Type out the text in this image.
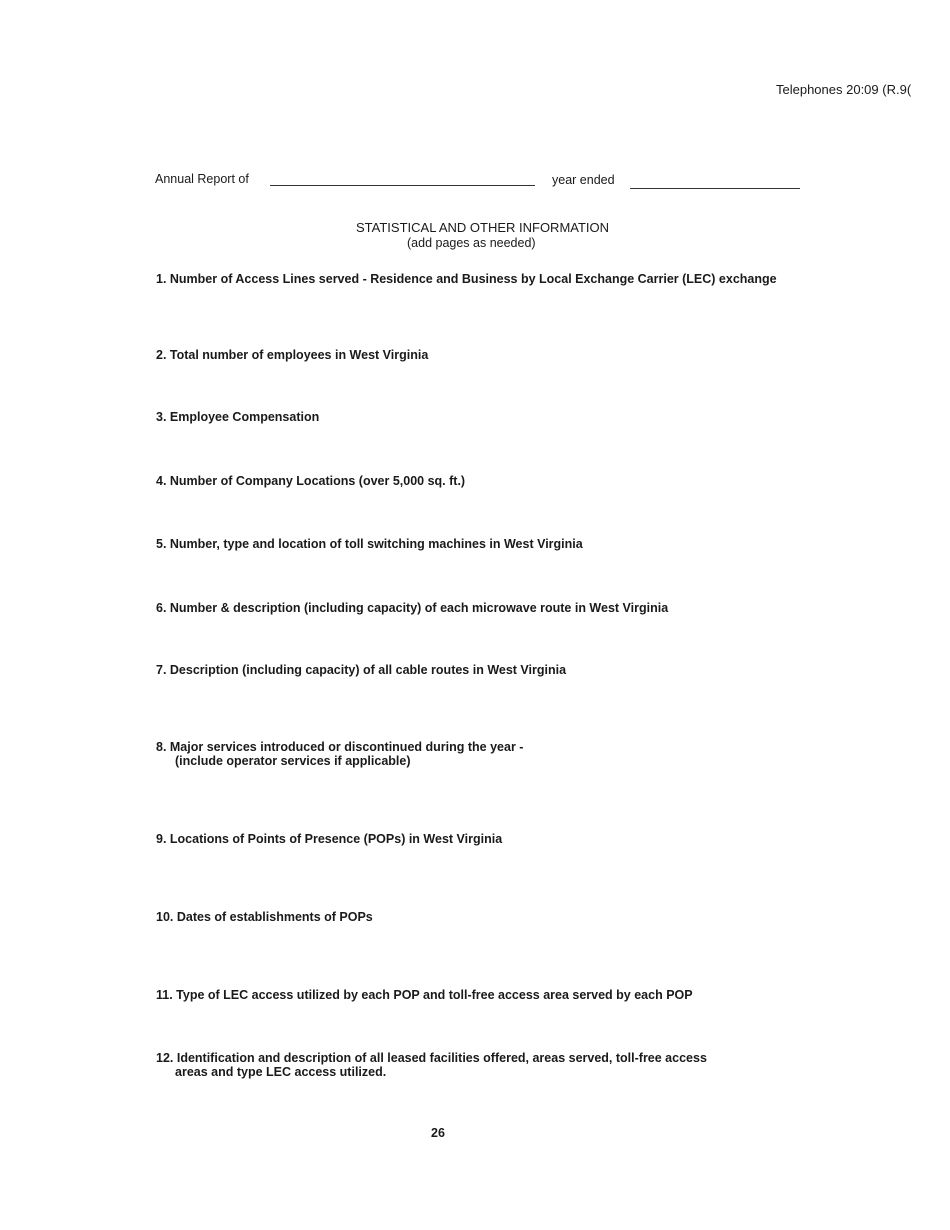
Telephones 20:09 (R.9(
Annual Report of	year ended
STATISTICAL AND OTHER INFORMATION
(add pages as needed)
1. Number of Access Lines served - Residence and Business by Local Exchange Carrier (LEC) exchange
2. Total number of employees in West Virginia
3. Employee Compensation
4. Number of Company Locations (over 5,000 sq. ft.)
5. Number, type and location of toll switching machines in West Virginia
6. Number & description (including capacity) of each microwave route in West Virginia
7. Description (including capacity) of all cable routes in West Virginia
8. Major services introduced or discontinued during the year -
(include operator services if applicable)
9. Locations of Points of Presence (POPs) in West Virginia
10. Dates of establishments of POPs
11. Type of LEC access utilized by each POP and toll-free access area served by each POP
12. Identification and description of all leased facilities offered, areas served, toll-free access
areas and type LEC access utilized.
26
